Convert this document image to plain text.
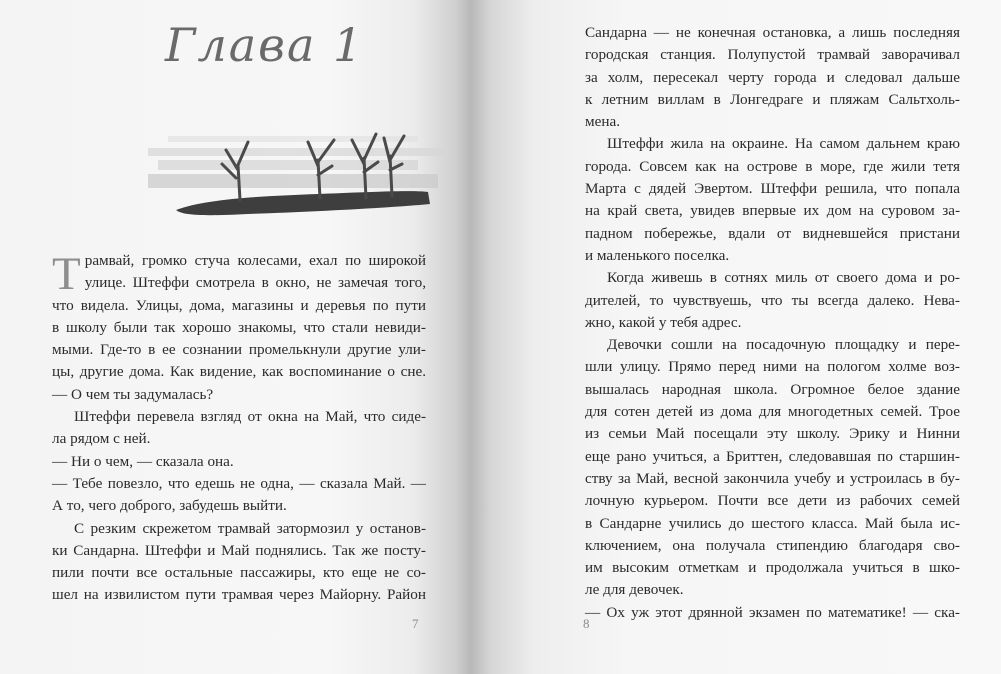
Глава 1

Трамвай, громко стуча колесами, ехал по широкой

улице. Штеффи смотрела в окно, не замечая того,

что видела. Улицы, дома, магазины и деревья по пути

в школу были так хорошо знакомы, что стали невиди-

мыми. Где-то в ее сознании промелькнули другие ули-

цы, другие дома. Как видение, как воспоминание о сне.

— О чем ты задумалась?

Штеффи перевела взгляд от окна на Май, что сиде-

ла рядом с ней.

— Ни о чем, — сказала она.

— Тебе повезло, что едешь не одна, — сказала Май. —

А то, чего доброго, забудешь выйти.

С резким скрежетом трамвай затормозил у останов-

ки Сандарна. Штеффи и Май поднялись. Так же посту-

пили почти все остальные пассажиры, кто еще не со-

шел на извилистом пути трамвая через Майорну. Район

7	8

Сандарна — не конечная остановка, а лишь последняя

городская станция. Полупустой трамвай заворачивал

за холм, пересекал черту города и следовал дальше

к летним виллам в Лонгедраге и пляжам Сальтхоль-

мена.

Штеффи жила на окраине. На самом дальнем краю

города. Совсем как на острове в море, где жили тетя

Марта с дядей Эвертом. Штеффи решила, что попала

на край света, увидев впервые их дом на суровом за-

падном побережье, вдали от видневшейся пристани

и маленького поселка.

Когда живешь в сотнях миль от своего дома и ро-

дителей, то чувствуешь, что ты всегда далеко. Нева-

жно, какой у тебя адрес.

Девочки сошли на посадочную площадку и пере-

шли улицу. Прямо перед ними на пологом холме воз-

вышалась народная школа. Огромное белое здание

для сотен детей из дома для многодетных семей. Трое

из семьи Май посещали эту школу. Эрику и Нинни

еще рано учиться, а Бриттен, следовавшая по старшин-

ству за Май, весной закончила учебу и устроилась в бу-

лочную курьером. Почти все дети из рабочих семей

в Сандарне учились до шестого класса. Май была ис-

ключением, она получала стипендию благодаря сво-

им высоким отметкам и продолжала учиться в шко-

ле для девочек.

— Ох уж этот дрянной экзамен по математике! — ска-
